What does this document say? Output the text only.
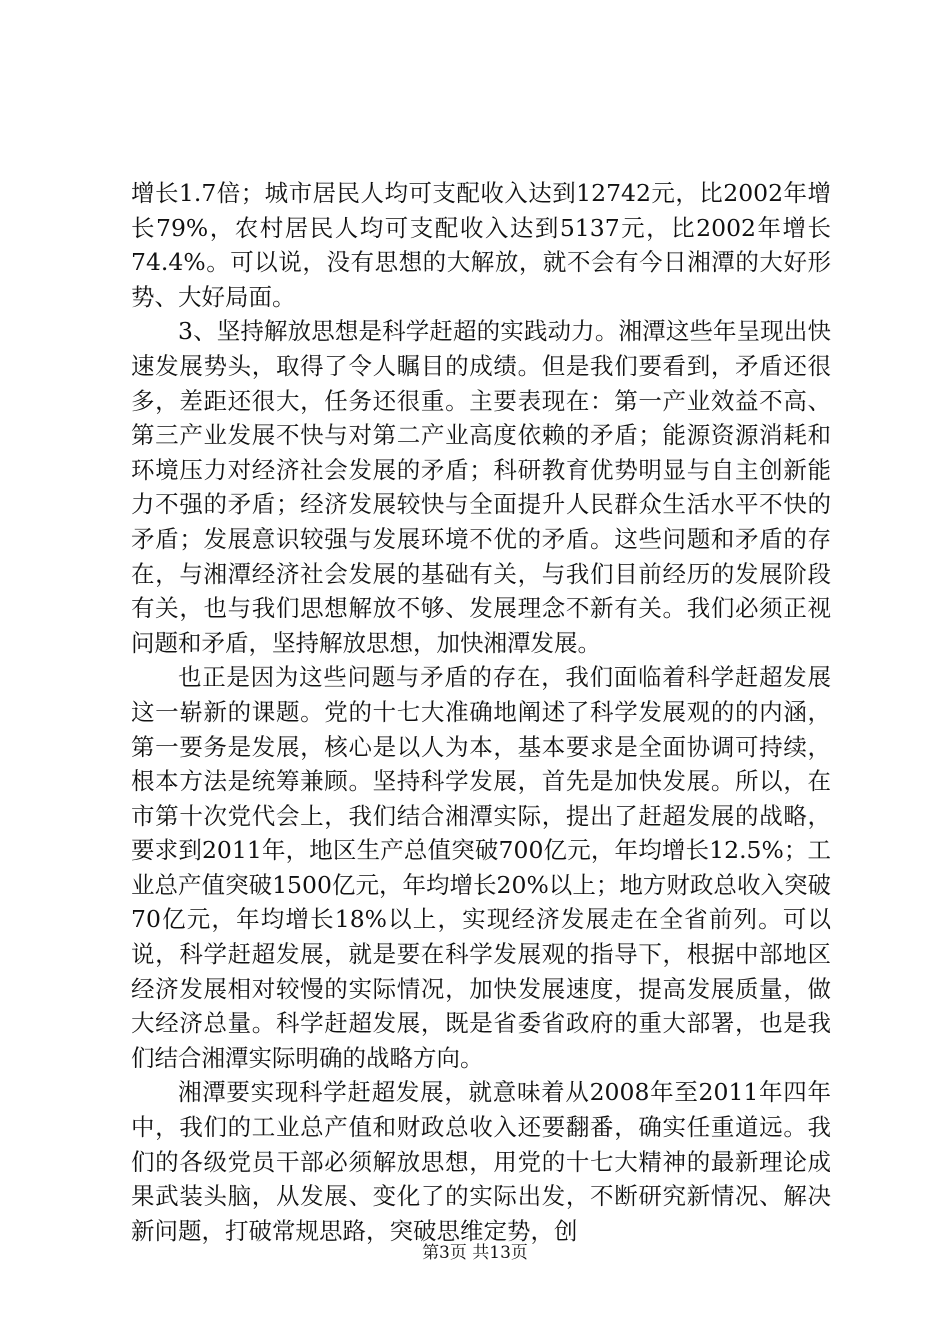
增长1.7倍；城市居民人均可支配收入达到12742元，比2002年增长79%，农村居民人均可支配收入达到5137元，比2002年增长74.4%。可以说，没有思想的大解放，就不会有今日湘潭的大好形势、大好局面。

3、坚持解放思想是科学赶超的实践动力。湘潭这些年呈现出快速发展势头，取得了令人瞩目的成绩。但是我们要看到，矛盾还很多，差距还很大，任务还很重。主要表现在：第一产业效益不高、第三产业发展不快与对第二产业高度依赖的矛盾；能源资源消耗和环境压力对经济社会发展的矛盾；科研教育优势明显与自主创新能力不强的矛盾；经济发展较快与全面提升人民群众生活水平不快的矛盾；发展意识较强与发展环境不优的矛盾。这些问题和矛盾的存在，与湘潭经济社会发展的基础有关，与我们目前经历的发展阶段有关，也与我们思想解放不够、发展理念不新有关。我们必须正视问题和矛盾，坚持解放思想，加快湘潭发展。

也正是因为这些问题与矛盾的存在，我们面临着科学赶超发展这一崭新的课题。党的十七大准确地阐述了科学发展观的的内涵，第一要务是发展，核心是以人为本，基本要求是全面协调可持续，根本方法是统筹兼顾。坚持科学发展，首先是加快发展。所以，在市第十次党代会上，我们结合湘潭实际，提出了赶超发展的战略，要求到2011年，地区生产总值突破700亿元，年均增长12.5%；工业总产值突破1500亿元，年均增长20%以上；地方财政总收入突破70亿元，年均增长18%以上，实现经济发展走在全省前列。可以说，科学赶超发展，就是要在科学发展观的指导下，根据中部地区经济发展相对较慢的实际情况，加快发展速度，提高发展质量，做大经济总量。科学赶超发展，既是省委省政府的重大部署，也是我们结合湘潭实际明确的战略方向。

湘潭要实现科学赶超发展，就意味着从2008年至2011年四年中，我们的工业总产值和财政总收入还要翻番，确实任重道远。我们的各级党员干部必须解放思想，用党的十七大精神的最新理论成果武装头脑，从发展、变化了的实际出发，不断研究新情况、解决新问题，打破常规思路，突破思维定势，创

第3页 共13页
